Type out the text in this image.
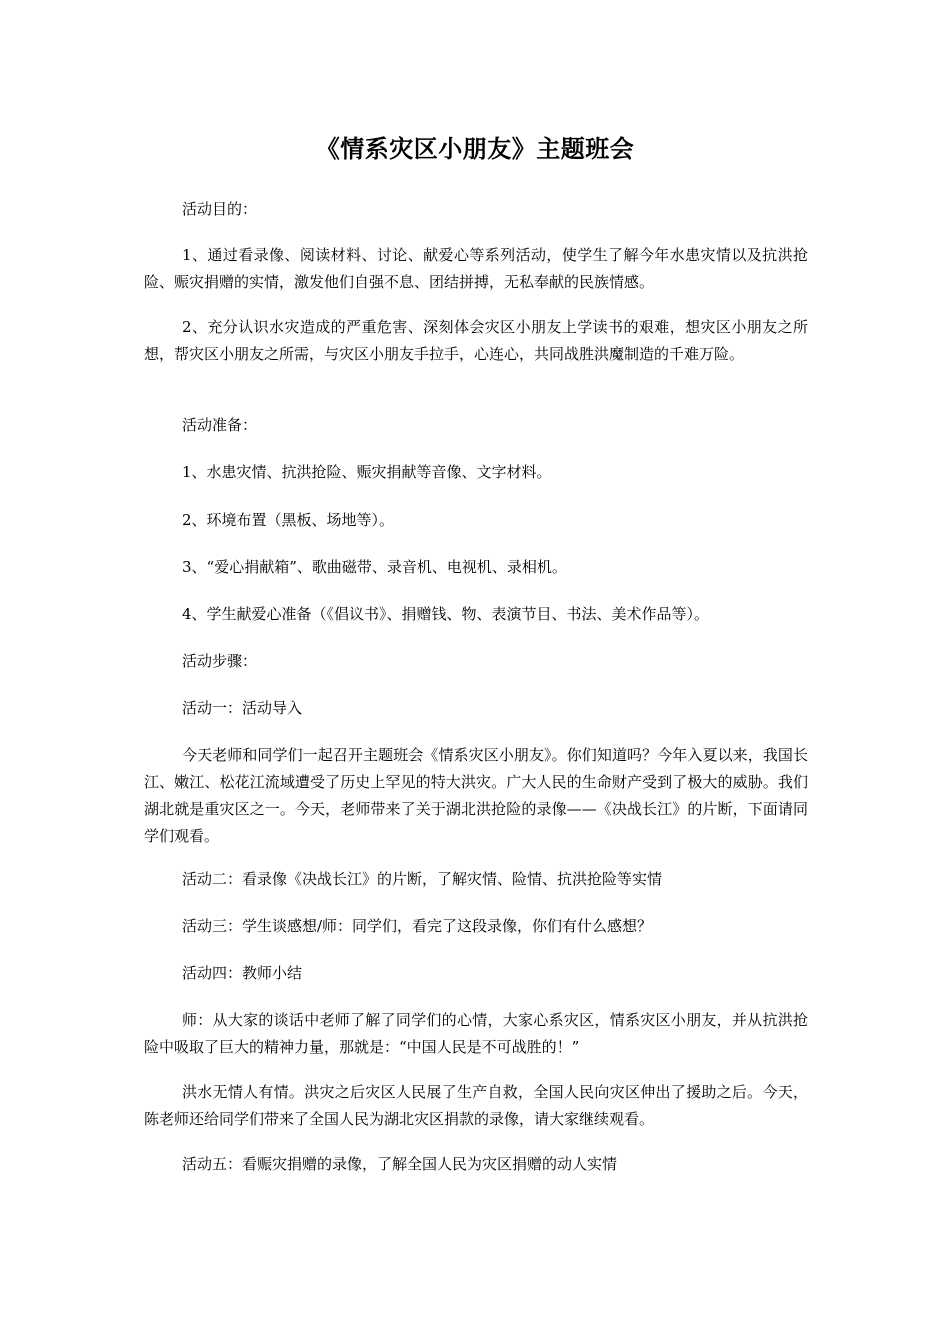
《情系灾区小朋友》主题班会

活动目的：

1、通过看录像、阅读材料、讨论、献爱心等系列活动，使学生了解今年水患灾情以及抗洪抢险、赈灾捐赠的实情，激发他们自强不息、团结拼搏，无私奉献的民族情感。

2、充分认识水灾造成的严重危害、深刻体会灾区小朋友上学读书的艰难，想灾区小朋友之所想，帮灾区小朋友之所需，与灾区小朋友手拉手，心连心，共同战胜洪魔制造的千难万险。

活动准备：

1、水患灾情、抗洪抢险、赈灾捐献等音像、文字材料。

2、环境布置（黑板、场地等）。

3、“爱心捐献箱”、歌曲磁带、录音机、电视机、录相机。

4、学生献爱心准备（《倡议书》、捐赠钱、物、表演节目、书法、美术作品等）。

活动步骤：

活动一：活动导入

今天老师和同学们一起召开主题班会《情系灾区小朋友》。你们知道吗？今年入夏以来，我国长江、嫩江、松花江流域遭受了历史上罕见的特大洪灾。广大人民的生命财产受到了极大的威胁。我们湖北就是重灾区之一。今天，老师带来了关于湖北洪抢险的录像——《决战长江》的片断，下面请同学们观看。

活动二：看录像《决战长江》的片断，了解灾情、险情、抗洪抢险等实情

活动三：学生谈感想/师：同学们，看完了这段录像，你们有什么感想？

活动四：教师小结

师：从大家的谈话中老师了解了同学们的心情，大家心系灾区，情系灾区小朋友，并从抗洪抢险中吸取了巨大的精神力量，那就是：“中国人民是不可战胜的！”

洪水无情人有情。洪灾之后灾区人民展了生产自救，全国人民向灾区伸出了援助之后。今天，陈老师还给同学们带来了全国人民为湖北灾区捐款的录像，请大家继续观看。

活动五：看赈灾捐赠的录像，了解全国人民为灾区捐赠的动人实情
